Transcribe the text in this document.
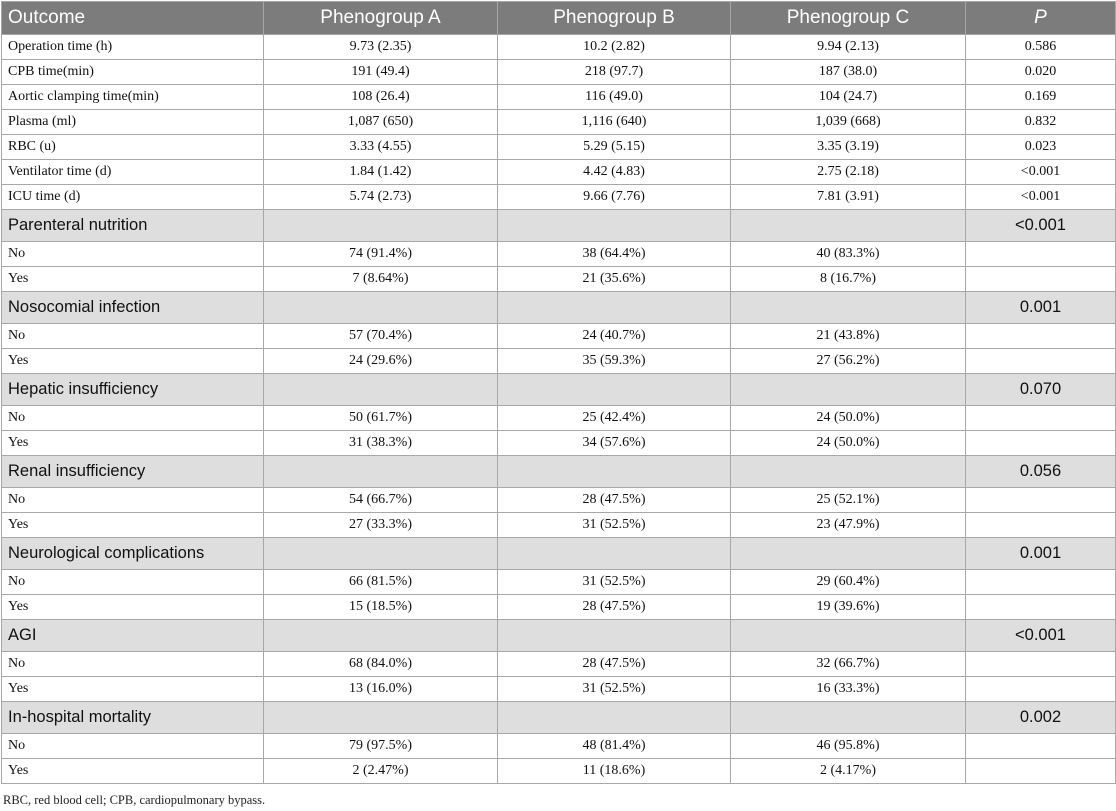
Outcome	Phenogroup A	Phenogroup B	Phenogroup C	P
Operation time (h)	9.73 (2.35)	10.2 (2.82)	9.94 (2.13)	0.586
CPB time(min)	191 (49.4)	218 (97.7)	187 (38.0)	0.020
Aortic clamping time(min)	108 (26.4)	116 (49.0)	104 (24.7)	0.169
Plasma (ml)	1,087 (650)	1,116 (640)	1,039 (668)	0.832
RBC (u)	3.33 (4.55)	5.29 (5.15)	3.35 (3.19)	0.023
Ventilator time (d)	1.84 (1.42)	4.42 (4.83)	2.75 (2.18)	<0.001
ICU time (d)	5.74 (2.73)	9.66 (7.76)	7.81 (3.91)	<0.001
Parenteral nutrition				<0.001
No	74 (91.4%)	38 (64.4%)	40 (83.3%)	
Yes	7 (8.64%)	21 (35.6%)	8 (16.7%)	
Nosocomial infection				0.001
No	57 (70.4%)	24 (40.7%)	21 (43.8%)	
Yes	24 (29.6%)	35 (59.3%)	27 (56.2%)	
Hepatic insufficiency				0.070
No	50 (61.7%)	25 (42.4%)	24 (50.0%)	
Yes	31 (38.3%)	34 (57.6%)	24 (50.0%)	
Renal insufficiency				0.056
No	54 (66.7%)	28 (47.5%)	25 (52.1%)	
Yes	27 (33.3%)	31 (52.5%)	23 (47.9%)	
Neurological complications				0.001
No	66 (81.5%)	31 (52.5%)	29 (60.4%)	
Yes	15 (18.5%)	28 (47.5%)	19 (39.6%)	
AGI				<0.001
No	68 (84.0%)	28 (47.5%)	32 (66.7%)	
Yes	13 (16.0%)	31 (52.5%)	16 (33.3%)	
In-hospital mortality				0.002
No	79 (97.5%)	48 (81.4%)	46 (95.8%)	
Yes	2 (2.47%)	11 (18.6%)	2 (4.17%)	
RBC, red blood cell; CPB, cardiopulmonary bypass.
